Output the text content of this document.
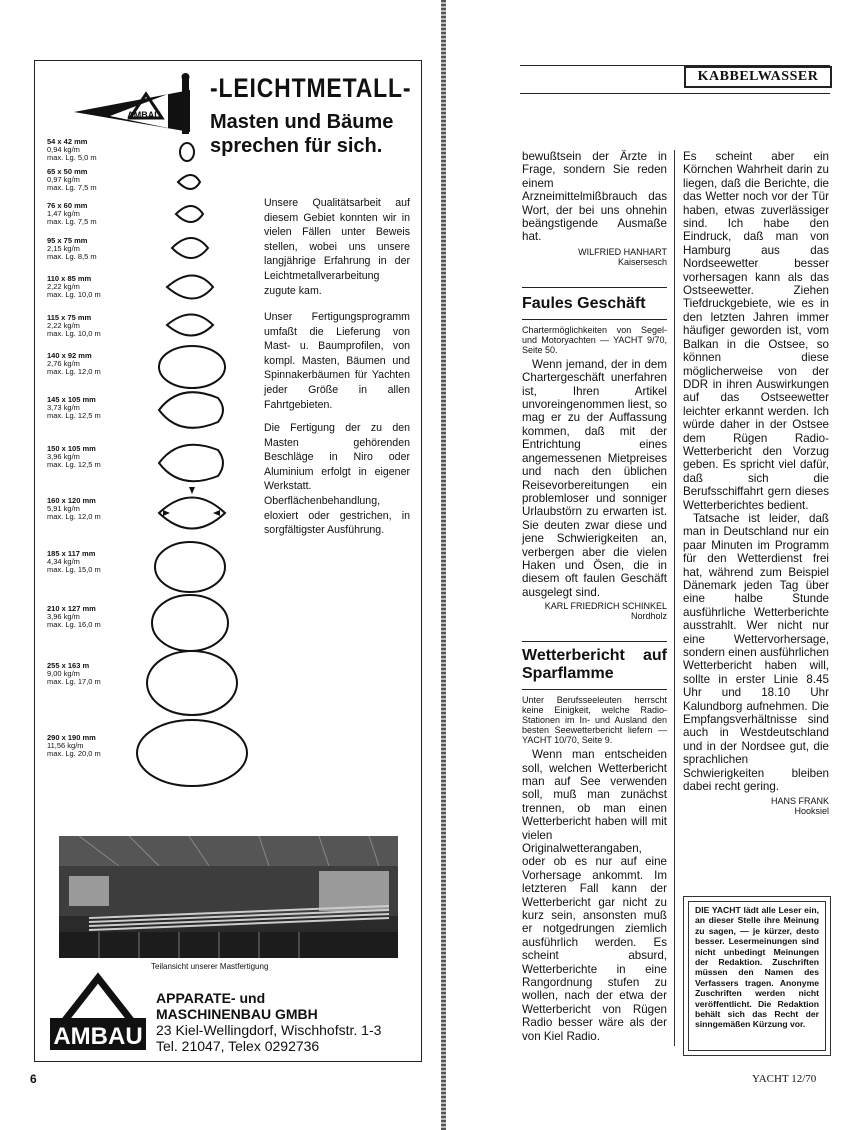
AMBAU
-LEICHTMETALL-
Masten und Bäume
sprechen für sich.
54 x 42 mm
0,94 kg/m
max. Lg. 5,0 m
65 x 50 mm
0,97 kg/m
max. Lg. 7,5 m
76 x 60 mm
1,47 kg/m
max. Lg. 7,5 m
95 x 75 mm
2,15 kg/m
max. Lg. 8,5 m
110 x 85 mm
2,22 kg/m
max. Lg. 10,0 m
115 x 75 mm
2,22 kg/m
max. Lg. 10,0 m
140 x 92 mm
2,76 kg/m
max. Lg. 12,0 m
145 x 105 mm
3,73 kg/m
max. Lg. 12,5 m
150 x 105 mm
3,96 kg/m
max. Lg. 12,5 m
160 x 120 mm
5,91 kg/m
max. Lg. 12,0 m
185 x 117 mm
4,34 kg/m
max. Lg. 15,0 m
210 x 127 mm
3,96 kg/m
max. Lg. 16,0 m
255 x 163 m
9,00 kg/m
max. Lg. 17,0 m
290 x 190 mm
11,56 kg/m
max. Lg. 20,0 m
Unsere Qualitätsarbeit auf diesem Gebiet konnten wir in vielen Fällen unter Beweis stellen, wobei uns unsere langjährige Erfahrung in der Leichtmetallverarbeitung zugute kam.
Unser Fertigungsprogramm umfaßt die Lieferung von Mast- u. Baumprofilen, von kompl. Masten, Bäumen und Spinnakerbäumen für Yachten jeder Größe in allen Fahrtgebieten.
Die Fertigung der zu den Masten gehörenden Beschläge in Niro oder Aluminium erfolgt in eigener Werkstatt. Oberflächenbehandlung, eloxiert oder gestrichen, in sorgfältigster Ausführung.
Teilansicht unserer Mastfertigung
AMBAU
APPARATE- und
MASCHINENBAU GMBH
23 Kiel-Wellingdorf, Wischhofstr. 1-3
Tel. 21047, Telex 0292736
6
KABBELWASSER

bewußtsein der Ärzte in Frage, sondern Sie reden einem Arzneimittelmißbrauch das Wort, der bei uns ohnehin beängstigende Ausmaße hat.

WILFRIED HANHART
Kaisersesch
Faules Geschäft
Chartermöglichkeiten von Segel- und Motoryachten — YACHT 9/70, Seite 50.

Wenn jemand, der in dem Chartergeschäft unerfahren ist, Ihren Artikel unvoreingenommen liest, so mag er zu der Auffassung kommen, daß mit der Entrichtung eines angemessenen Mietpreises und nach den üblichen Reisevorbereitungen ein problemloser und sonniger Urlaubstörn zu erwarten ist. Sie deuten zwar diese und jene Schwierigkeiten an, verbergen aber die vielen Haken und Ösen, die in diesem oft faulen Geschäft ausgelegt sind.

KARL FRIEDRICH SCHINKEL
Nordholz
Wetterbericht auf Sparflamme
Unter Berufsseeleuten herrscht keine Einigkeit, welche Radio-Stationen im In- und Ausland den besten Seewetterbericht liefern — YACHT 10/70, Seite 9.

Wenn man entscheiden soll, welchen Wetterbericht man auf See verwenden soll, muß man zunächst trennen, ob man einen Wetterbericht haben will mit vielen Originalwetterangaben, oder ob es nur auf eine Vorhersage ankommt. Im letzteren Fall kann der Wetterbericht gar nicht zu kurz sein, ansonsten muß er notgedrungen ziemlich ausführlich werden. Es scheint absurd, Wetterberichte in eine Rangordnung stufen zu wollen, nach der etwa der Wetterbericht von Rügen Radio besser wäre als der von Kiel Radio.

Es scheint aber ein Körnchen Wahrheit darin zu liegen, daß die Berichte, die das Wetter noch vor der Tür haben, etwas zuverlässiger sind. Ich habe den Eindruck, daß man von Hamburg aus das Nordseewetter besser vorhersagen kann als das Ostseewetter. Ziehen Tiefdruckgebiete, wie es in den letzten Jahren immer häufiger geworden ist, vom Balkan in die Ostsee, so können diese möglicherweise von der DDR in ihren Auswirkungen auf das Ostseewetter leichter erkannt werden. Ich würde daher in der Ostsee dem Rügen Radio-Wetterbericht den Vorzug geben. Es spricht viel dafür, daß sich die Berufsschiffahrt gern dieses Wetterberichtes bedient.

Tatsache ist leider, daß man in Deutschland nur ein paar Minuten im Programm für den Wetterdienst frei hat, während zum Beispiel Dänemark jeden Tag über eine halbe Stunde ausführliche Wetterberichte ausstrahlt. Wer nicht nur eine Wettervorhersage, sondern einen ausführlichen Wetterbericht haben will, sollte in erster Linie 8.45 Uhr und 18.10 Uhr Kalundborg aufnehmen. Die Empfangsverhältnisse sind auch in Westdeutschland und in der Nordsee gut, die sprachlichen Schwierigkeiten bleiben dabei recht gering.

HANS FRANK
Hooksiel
DIE YACHT lädt alle Leser ein, an dieser Stelle ihre Meinung zu sagen, — je kürzer, desto besser. Lesermeinungen sind nicht unbedingt Meinungen der Redaktion. Zuschriften müssen den Namen des Verfassers tragen. Anonyme Zuschriften werden nicht veröffentlicht. Die Redaktion behält sich das Recht der sinngemäßen Kürzung vor.
YACHT 12/70
